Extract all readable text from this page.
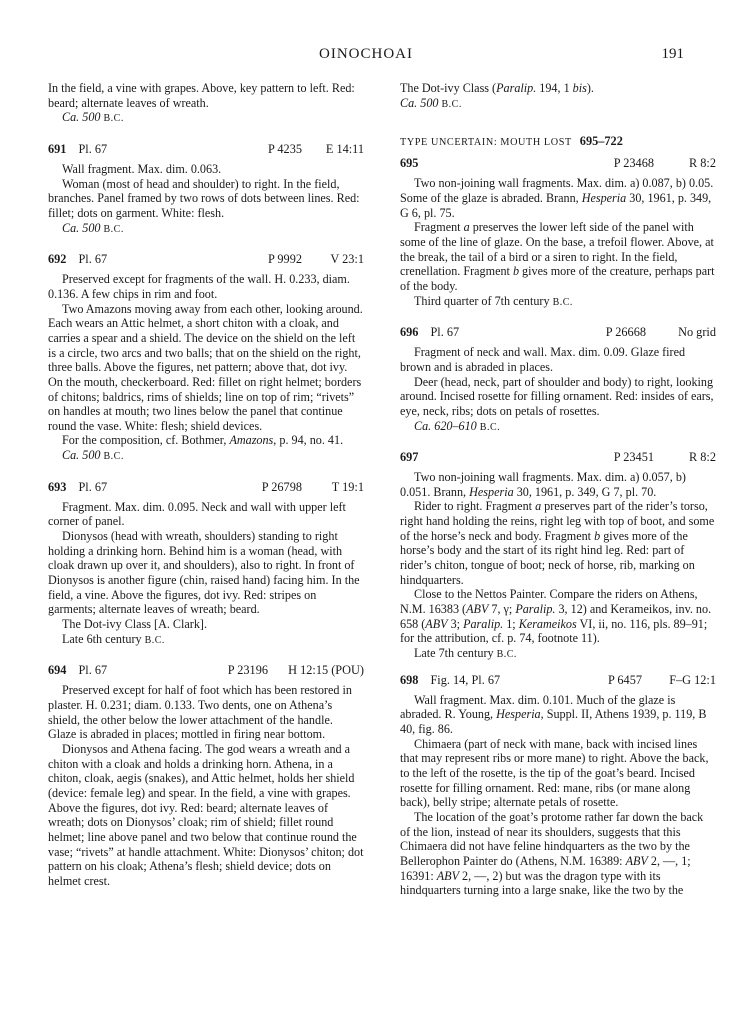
OINOCHOAI	191

In the field, a vine with grapes. Above, key pattern to left. Red: beard; alternate leaves of wreath.

Ca. 500 B.C.
691 Pl. 67	P 4235 E 14:11

Wall fragment. Max. dim. 0.063.

Woman (most of head and shoulder) to right. In the field, branches. Panel framed by two rows of dots between lines. Red: fillet; dots on garment. White: flesh.

Ca. 500 B.C.
692 Pl. 67	P 9992 V 23:1

Preserved except for fragments of the wall. H. 0.233, diam. 0.136. A few chips in rim and foot.

Two Amazons moving away from each other, looking around. Each wears an Attic helmet, a short chiton with a cloak, and carries a spear and a shield. The device on the shield on the left is a circle, two arcs and two balls; that on the shield on the right, three balls. Above the figures, net pattern; above that, dot ivy. On the mouth, checkerboard. Red: fillet on right helmet; borders of chitons; baldrics, rims of shields; line on top of rim; “rivets” on handles at mouth; two lines below the panel that continue round the vase. White: flesh; shield devices.

For the composition, cf. Bothmer, Amazons, p. 94, no. 41.

Ca. 500 B.C.
693 Pl. 67	P 26798 T 19:1

Fragment. Max. dim. 0.095. Neck and wall with upper left corner of panel.

Dionysos (head with wreath, shoulders) standing to right holding a drinking horn. Behind him is a woman (head, with cloak drawn up over it, and shoulders), also to right. In front of Dionysos is another figure (chin, raised hand) facing him. In the field, a vine. Above the figures, dot ivy. Red: stripes on garments; alternate leaves of wreath; beard.

The Dot-ivy Class [A. Clark].

Late 6th century B.C.
694 Pl. 67	P 23196 H 12:15 (POU)

Preserved except for half of foot which has been restored in plaster. H. 0.231; diam. 0.133. Two dents, one on Athena’s shield, the other below the lower attachment of the handle. Glaze is abraded in places; mottled in firing near bottom.

Dionysos and Athena facing. The god wears a wreath and a chiton with a cloak and holds a drinking horn. Athena, in a chiton, cloak, aegis (snakes), and Attic helmet, holds her shield (device: female leg) and spear. In the field, a vine with grapes. Above the figures, dot ivy. Red: beard; alternate leaves of wreath; dots on Dionysos’ cloak; rim of shield; fillet round helmet; line above panel and two below that continue round the vase; “rivets” at handle attachment. White: Dionysos’ chiton; dot pattern on his cloak; Athena’s flesh; shield device; dots on helmet crest.

The Dot-ivy Class (Paralip. 194, 1 bis).

Ca. 500 B.C.
TYPE UNCERTAIN: MOUTH LOST 695–722
695	P 23468	R 8:2

Two non-joining wall fragments. Max. dim. a) 0.087, b) 0.05. Some of the glaze is abraded. Brann, Hesperia 30, 1961, p. 349, G 6, pl. 75.

Fragment a preserves the lower left side of the panel with some of the line of glaze. On the base, a trefoil flower. Above, at the break, the tail of a bird or a siren to right. In the field, crenellation. Fragment b gives more of the creature, perhaps part of the body.

Third quarter of 7th century B.C.
696 Pl. 67	P 26668	No grid

Fragment of neck and wall. Max. dim. 0.09. Glaze fired brown and is abraded in places.

Deer (head, neck, part of shoulder and body) to right, looking around. Incised rosette for filling ornament. Red: insides of ears, eye, neck, ribs; dots on petals of rosettes.

Ca. 620–610 B.C.
697	P 23451	R 8:2

Two non-joining wall fragments. Max. dim. a) 0.057, b) 0.051. Brann, Hesperia 30, 1961, p. 349, G 7, pl. 70.

Rider to right. Fragment a preserves part of the rider’s torso, right hand holding the reins, right leg with top of boot, and some of the horse’s neck and body. Fragment b gives more of the horse’s body and the start of its right hind leg. Red: part of rider’s chiton, tongue of boot; neck of horse, rib, marking on hindquarters.

Close to the Nettos Painter. Compare the riders on Athens, N.M. 16383 (ABV 7, γ; Paralip. 3, 12) and Kerameikos, inv. no. 658 (ABV 3; Paralip. 1; Kerameikos VI, ii, no. 116, pls. 89–91; for the attribution, cf. p. 74, footnote 11).

Late 7th century B.C.
698 Fig. 14, Pl. 67	P 6457 F–G 12:1

Wall fragment. Max. dim. 0.101. Much of the glaze is abraded. R. Young, Hesperia, Suppl. II, Athens 1939, p. 119, B 40, fig. 86.

Chimaera (part of neck with mane, back with incised lines that may represent ribs or more mane) to right. Above the back, to the left of the rosette, is the tip of the goat’s beard. Incised rosette for filling ornament. Red: mane, ribs (or mane along back), belly stripe; alternate petals of rosette.

The location of the goat’s protome rather far down the back of the lion, instead of near its shoulders, suggests that this Chimaera did not have feline hindquarters as the two by the Bellerophon Painter do (Athens, N.M. 16389: ABV 2, —, 1; 16391: ABV 2, —, 2) but was the dragon type with its hindquarters turning into a large snake, like the two by the
